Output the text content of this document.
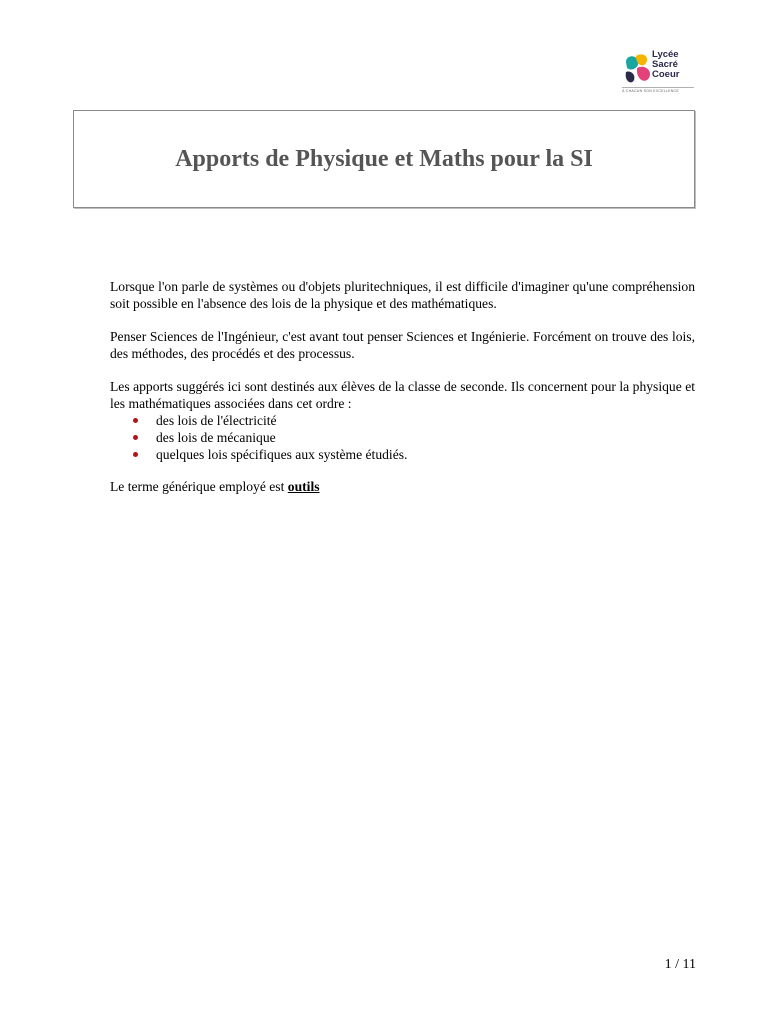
Lycée
Sacré
Coeur
À CHACUN SON EXCELLENCE
Apports de Physique et Maths pour la SI

Lorsque l'on parle de systèmes ou d'objets pluritechniques, il est difficile d'imaginer qu'une compréhension soit possible en l'absence des lois de la physique et des mathématiques.

Penser Sciences de l'Ingénieur, c'est avant tout penser Sciences et Ingénierie. Forcément on trouve des lois, des méthodes, des procédés et des processus.

Les apports suggérés ici sont destinés aux élèves de la classe de seconde. Ils concernent pour la physique et les mathématiques associées dans cet ordre :

des lois de l'électricité
des lois de mécanique
quelques lois spécifiques aux système étudiés.

Le terme générique employé est outils

1 / 11
